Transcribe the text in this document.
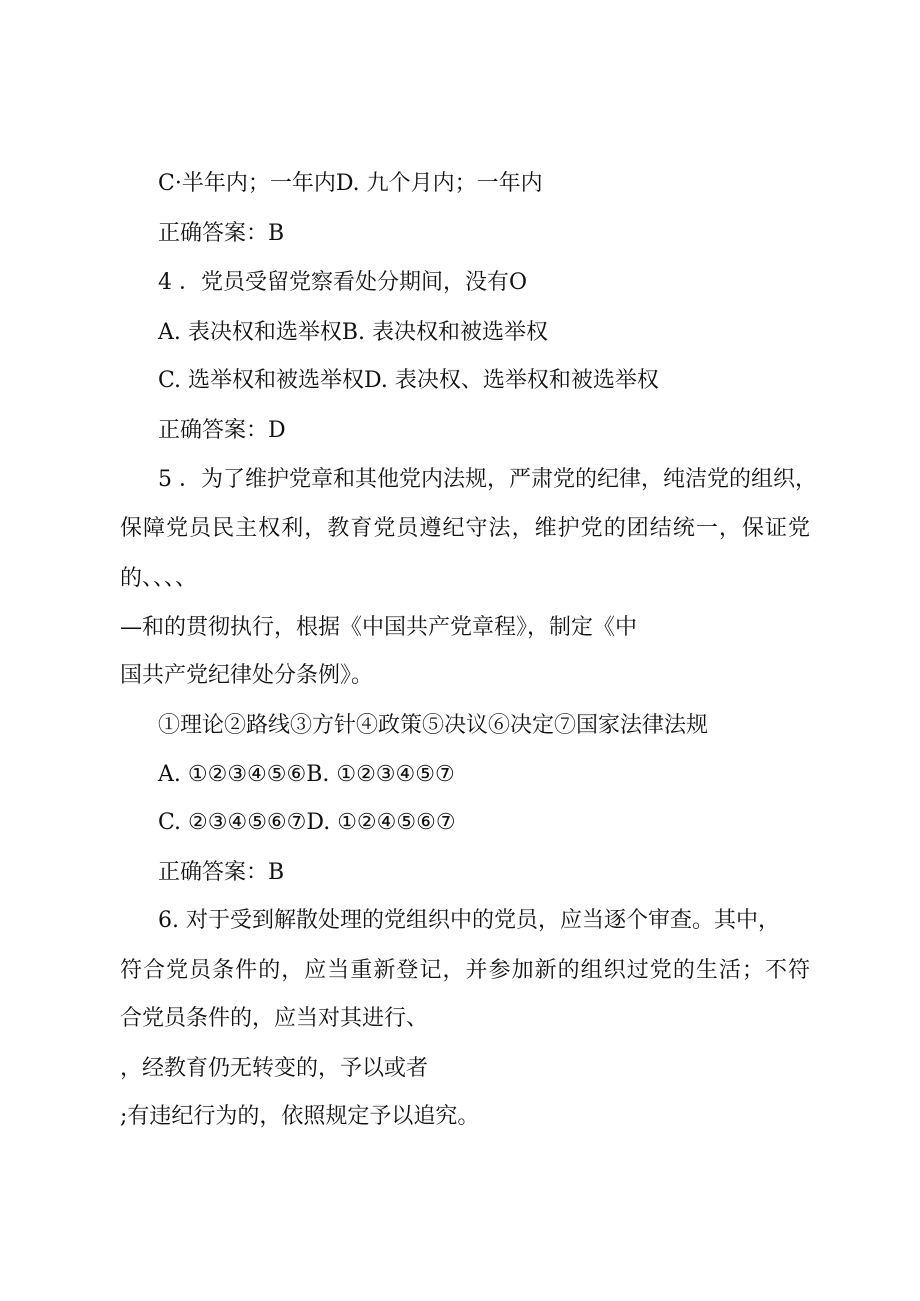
C·半年内；一年内D. 九个月内；一年内
正确答案：B
4 ．党员受留党察看处分期间，没有O
A. 表决权和选举权B. 表决权和被选举权
C. 选举权和被选举权D. 表决权、选举权和被选举权
正确答案：D
5 ．为了维护党章和其他党内法规，严肃党的纪律，纯洁党的组织，
保障党员民主权利，教育党员遵纪守法，维护党的团结统一，保证党
的、、、、
—和的贯彻执行，根据《中国共产党章程》，制定《中
国共产党纪律处分条例》。
①理论②路线③方针④政策⑤决议⑥决定⑦国家法律法规
A. ①②③④⑤⑥B. ①②③④⑤⑦
C. ②③④⑤⑥⑦D. ①②④⑤⑥⑦
正确答案：B
6. 对于受到解散处理的党组织中的党员，应当逐个审查。其中，
符合党员条件的，应当重新登记，并参加新的组织过党的生活；不符
合党员条件的，应当对其进行、
，经教育仍无转变的，予以或者
;有违纪行为的，依照规定予以追究。
